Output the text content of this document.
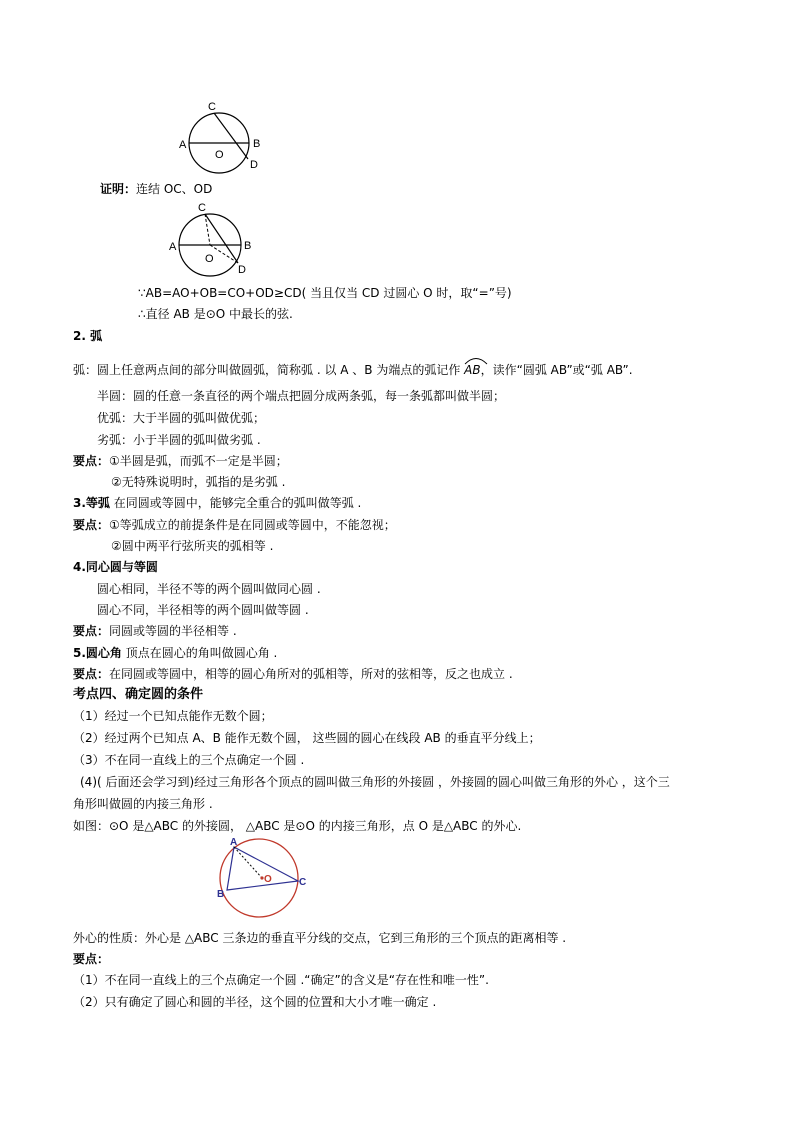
C
A	B
O
D
证明：连结 OC、OD
C
A	B
O
D
∵AB=AO+OB=CO+OD≥CD( 当且仅当 CD 过圆心 O 时，取“=”号)
∴直径 AB 是⊙O 中最长的弦.
2. 弧
弧：圆上任意两点间的部分叫做圆弧，简称弧 . 以 A 、B 为端点的弧记作
AB，读作“圆弧 AB”或“弧 AB”.
半圆：圆的任意一条直径的两个端点把圆分成两条弧，每一条弧都叫做半圆；
优弧：大于半圆的弧叫做优弧；
劣弧：小于半圆的弧叫做劣弧 .
要点：①半圆是弧，而弧不一定是半圆；
②无特殊说明时，弧指的是劣弧 .
3.等弧 在同圆或等圆中，能够完全重合的弧叫做等弧 .
要点：①等弧成立的前提条件是在同圆或等圆中，不能忽视；
②圆中两平行弦所夹的弧相等 .
4.同心圆与等圆
圆心相同，半径不等的两个圆叫做同心圆 .
圆心不同，半径相等的两个圆叫做等圆 .
要点：同圆或等圆的半径相等 .
5.圆心角 顶点在圆心的角叫做圆心角 .
要点：在同圆或等圆中，相等的圆心角所对的弧相等，所对的弦相等，反之也成立 .
考点四、确定圆的条件
（1）经过一个已知点能作无数个圆；
（2）经过两个已知点 A、B 能作无数个圆， 这些圆的圆心在线段 AB 的垂直平分线上；
（3）不在同一直线上的三个点确定一个圆 .
(4)( 后面还会学习到)经过三角形各个顶点的圆叫做三角形的外接圆 ，外接圆的圆心叫做三角形的外心 ，这个三
角形叫做圆的内接三角形 .
如图：⊙O 是△ABC 的外接圆， △ABC 是⊙O 的内接三角形，点 O 是△ABC 的外心.
A
B
C
O
外心的性质：外心是 △ABC 三条边的垂直平分线的交点，它到三角形的三个顶点的距离相等 .
要点：
（1）不在同一直线上的三个点确定一个圆 .“确定”的含义是“存在性和唯一性”.
（2）只有确定了圆心和圆的半径，这个圆的位置和大小才唯一确定 .
